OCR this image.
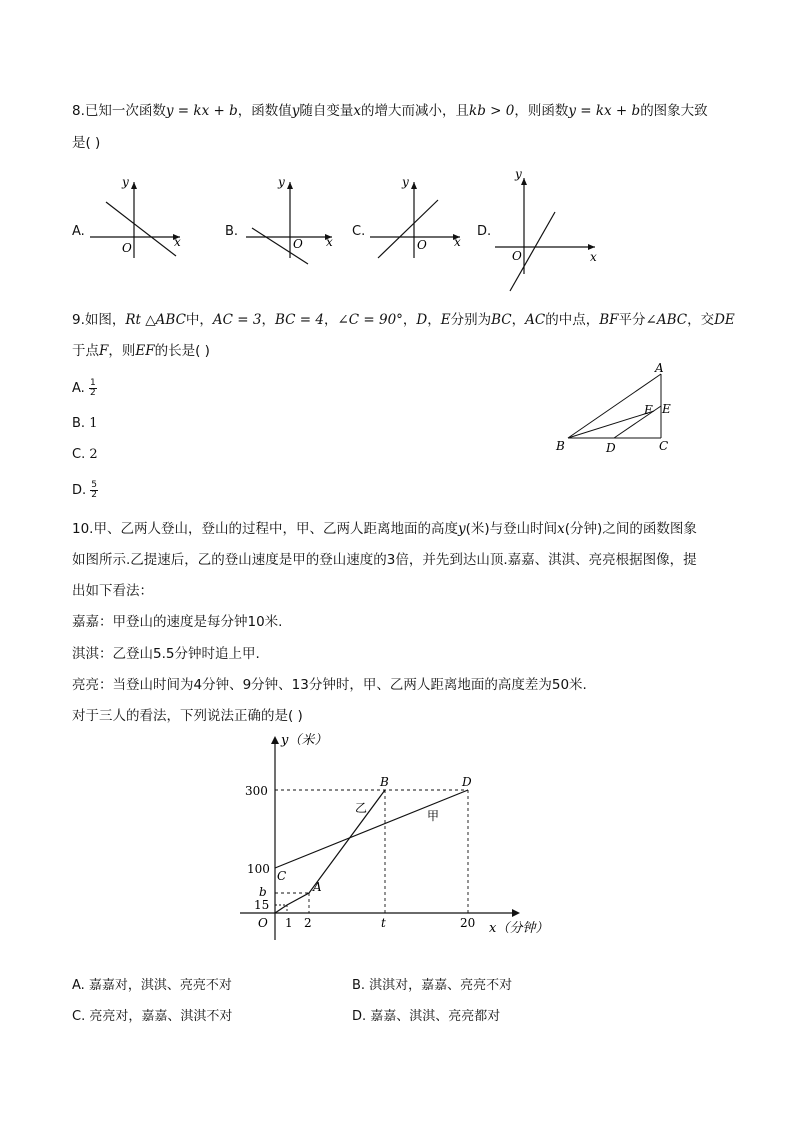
8.已知一次函数y = kx + b，函数值y随自变量x的增大而减小，且kb > 0，则函数y = kx + b的图象大致
是( )
A.
x
y
O
B.
x
y
O
C.
x
y
O
D.
x
y
O
9.如图，Rt △ABC中，AC = 3，BC = 4，∠C = 90°，D，E分别为BC，AC的中点，BF平分∠ABC，交DE
于点F，则EF的长是( )
A. $\frac{1}{2}$
B. 1
C. 2
D. $\frac{5}{2}$
A
B	C
D
E
F
10.甲、乙两人登山，登山的过程中，甲、乙两人距离地面的高度y(米)与登山时间x(分钟)之间的函数图象
如图所示.乙提速后，乙的登山速度是甲的登山速度的3倍，并先到达山顶.嘉嘉、淇淇、亮亮根据图像，提
出如下看法：
嘉嘉：甲登山的速度是每分钟10米.
淇淇：乙登山5.5分钟时追上甲.
亮亮：当登山时间为4分钟、9分钟、13分钟时，甲、乙两人距离地面的高度差为50米.
对于三人的看法，下列说法正确的是( )
y（米）
x（分钟）
O
300
100
b
15
1 2	t	20
A
B
C
D
甲
乙
A. 嘉嘉对，淇淇、亮亮不对	B. 淇淇对，嘉嘉、亮亮不对
C. 亮亮对，嘉嘉、淇淇不对	D. 嘉嘉、淇淇、亮亮都对
